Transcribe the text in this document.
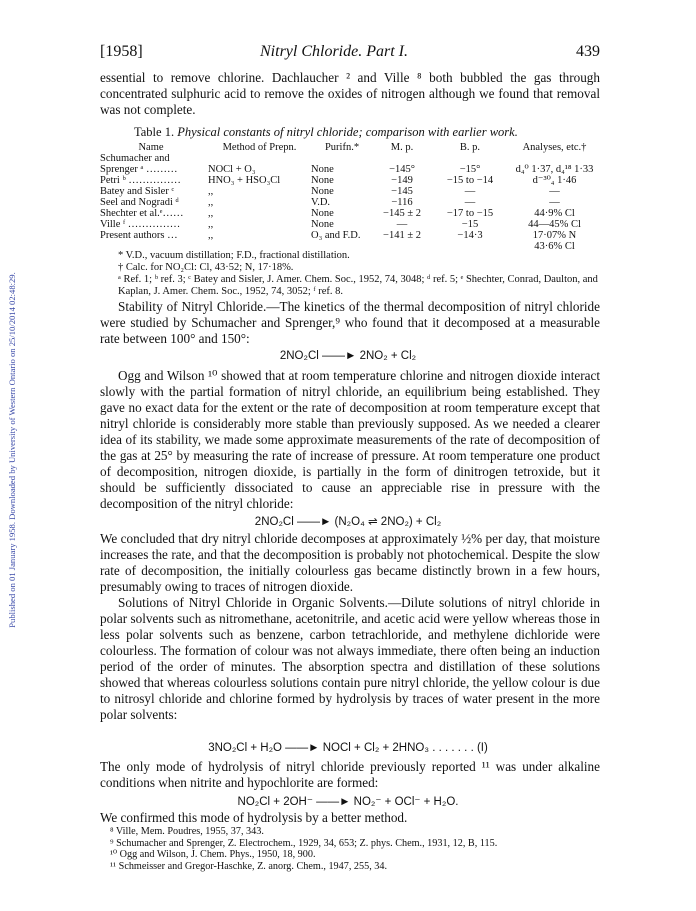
Published on 01 January 1958. Downloaded by University of Western Ontario on 25/10/2014 02:48:29.
[1958]	Nitryl Chloride. Part I.	439
essential to remove chlorine. Dachlaucher ² and Ville ⁸ both bubbled the gas through concentrated sulphuric acid to remove the oxides of nitrogen although we found that removal was not complete.
Table 1. Physical constants of nitryl chloride; comparison with earlier work.
Name	Method of Prepn.	Purifn.*	M. p.	B. p.	Analyses, etc.†
Schumacher and					
Sprenger ᵃ ………	NOCl + O₃	None	−145°	−15°	d₄⁰ 1·37, d₄¹⁸ 1·33
Petri ᵇ ……………	HNO₃ + HSO₃Cl	None	−149	−15 to −14	d⁻³⁰₄ 1·46
Batey and Sisler ᶜ	,,	None	−145	—	—
Seel and Nogradi ᵈ	,,	V.D.	−116	—	—
Shechter et al.ᵉ……	,,	None	−145 ± 2	−17 to −15	44·9% Cl
Ville ᶠ ……………	,,	None	—	−15	44—45% Cl
Present authors …	,,	O₃ and F.D.	−141 ± 2	−14·3	17·07% N
					43·6% Cl
* V.D., vacuum distillation; F.D., fractional distillation.
† Calc. for NO₂Cl: Cl, 43·52; N, 17·18%.
ᵃ Ref. 1; ᵇ ref. 3; ᶜ Batey and Sisler, J. Amer. Chem. Soc., 1952, 74, 3048; ᵈ ref. 5; ᵉ Shechter, Conrad, Daulton, and Kaplan, J. Amer. Chem. Soc., 1952, 74, 3052; ᶠ ref. 8.
Stability of Nitryl Chloride.—The kinetics of the thermal decomposition of nitryl chloride were studied by Schumacher and Sprenger,⁹ who found that it decomposed at a measurable rate between 100° and 150°:
2NO₂Cl ——► 2NO₂ + Cl₂
Ogg and Wilson ¹⁰ showed that at room temperature chlorine and nitrogen dioxide interact slowly with the partial formation of nitryl chloride, an equilibrium being established. They gave no exact data for the extent or the rate of decomposition at room temperature except that nitryl chloride is considerably more stable than previously supposed. As we needed a clearer idea of its stability, we made some approximate measurements of the rate of decomposition of the gas at 25° by measuring the rate of increase of pressure. At room temperature one product of decomposition, nitrogen dioxide, is partially in the form of dinitrogen tetroxide, but it should be sufficiently dissociated to cause an appreciable rise in pressure with the decomposition of the nitryl chloride:
2NO₂Cl ——► (N₂O₄ ⇌ 2NO₂) + Cl₂
We concluded that dry nitryl chloride decomposes at approximately ½% per day, that moisture increases the rate, and that the decomposition is probably not photochemical. Despite the slow rate of decomposition, the initially colourless gas became distinctly brown in a few hours, presumably owing to traces of nitrogen dioxide.
Solutions of Nitryl Chloride in Organic Solvents.—Dilute solutions of nitryl chloride in polar solvents such as nitromethane, acetonitrile, and acetic acid were yellow whereas those in less polar solvents such as benzene, carbon tetrachloride, and methylene dichloride were colourless. The formation of colour was not always immediate, there often being an induction period of the order of minutes. The absorption spectra and distillation of these solutions showed that whereas colourless solutions contain pure nitryl chloride, the yellow colour is due to nitrosyl chloride and chlorine formed by hydrolysis by traces of water present in the more polar solvents:
3NO₂Cl + H₂O ——► NOCl + Cl₂ + 2HNO₃ . . . . . . . (I)
The only mode of hydrolysis of nitryl chloride previously reported ¹¹ was under alkaline conditions when nitrite and hypochlorite are formed:
NO₂Cl + 2OH⁻ ——► NO₂⁻ + OCl⁻ + H₂O.
We confirmed this mode of hydrolysis by a better method.
⁸ Ville, Mem. Poudres, 1955, 37, 343.
⁹ Schumacher and Sprenger, Z. Electrochem., 1929, 34, 653; Z. phys. Chem., 1931, 12, B, 115.
¹⁰ Ogg and Wilson, J. Chem. Phys., 1950, 18, 900.
¹¹ Schmeisser and Gregor-Haschke, Z. anorg. Chem., 1947, 255, 34.
